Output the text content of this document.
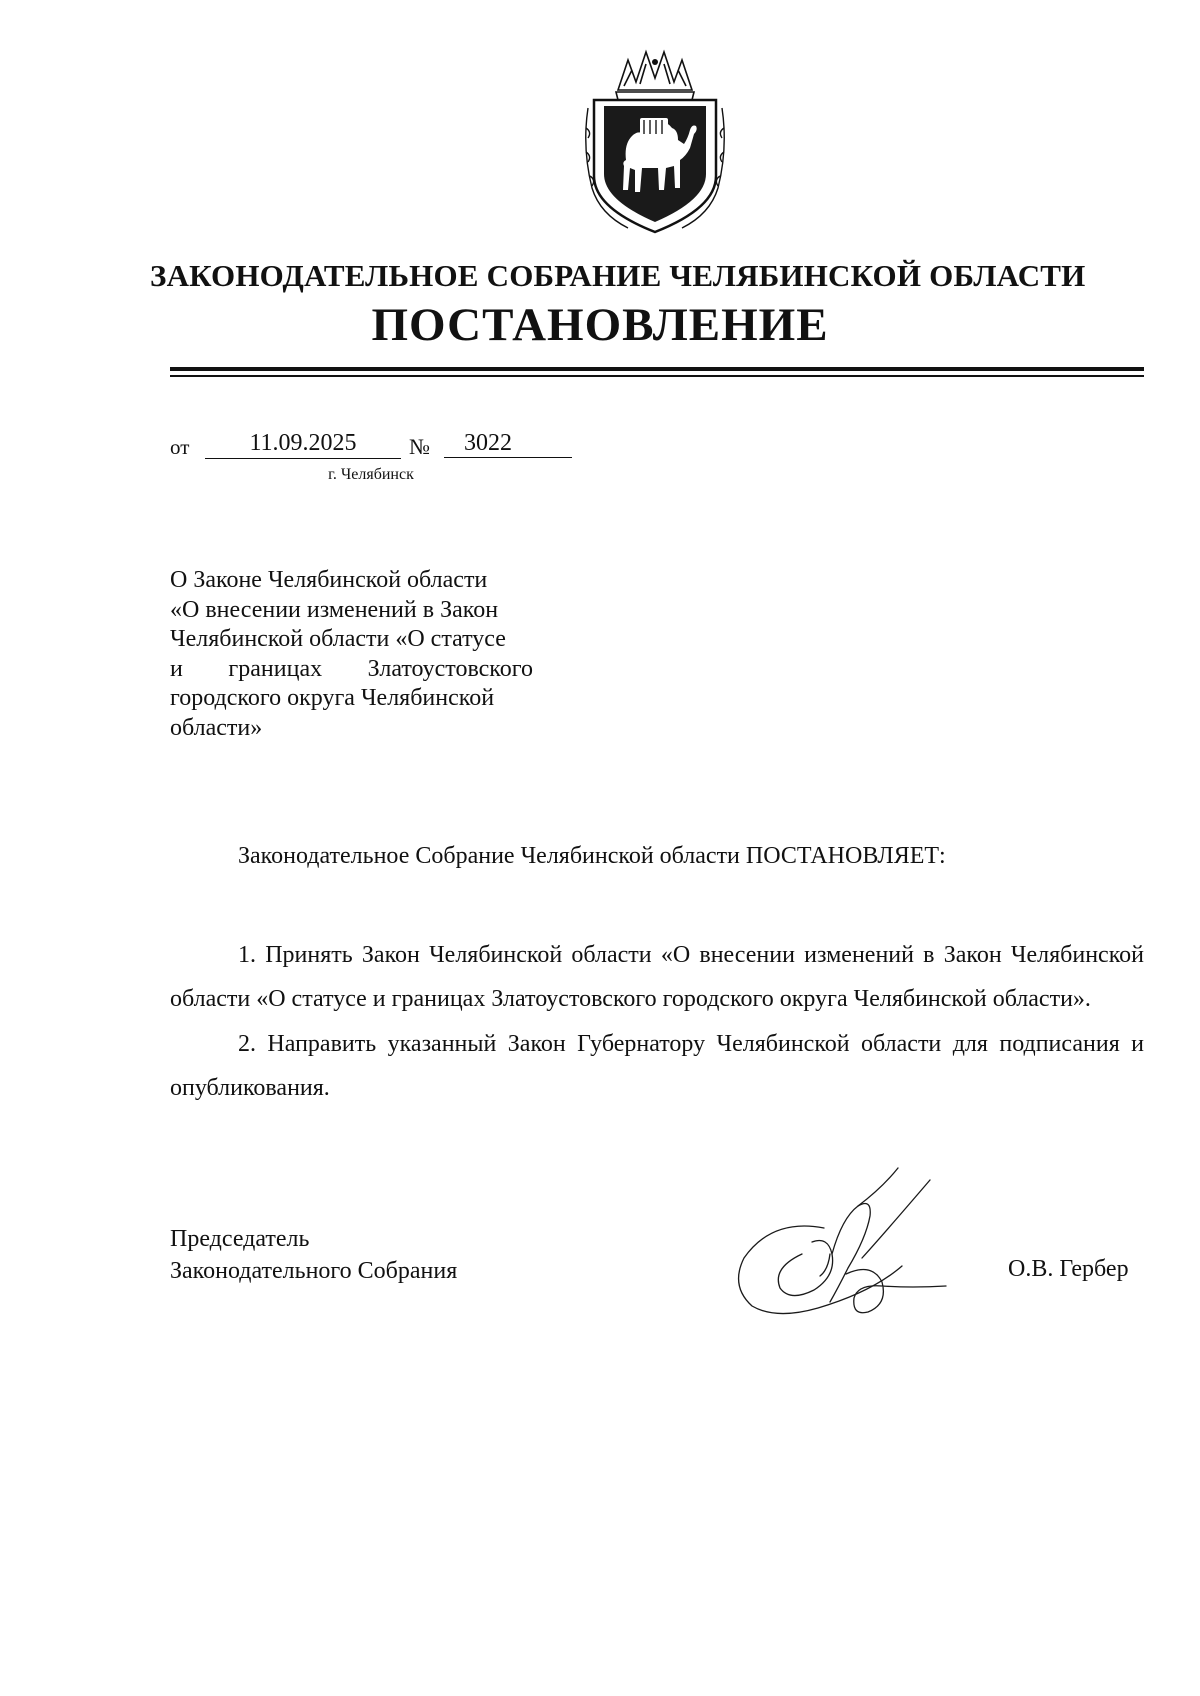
ЗАКОНОДАТЕЛЬНОЕ СОБРАНИЕ ЧЕЛЯБИНСКОЙ ОБЛАСТИ
ПОСТАНОВЛЕНИЕ
от	11.09.2025	№	3022
г. Челябинск

О Законе Челябинской области

«О внесении изменений в Закон

Челябинской области «О статусе

и границах Златоустовского

городского округа Челябинской

области»

Законодательное Собрание Челябинской области ПОСТАНОВЛЯЕТ:

1. Принять Закон Челябинской области «О внесении изменений в Закон Челябинской области «О статусе и границах Златоустовского городского округа Челябинской области».

2. Направить указанный Закон Губернатору Челябинской области для подписания и опубликования.

Председатель
Законодательного Собрания	О.В. Гербер
